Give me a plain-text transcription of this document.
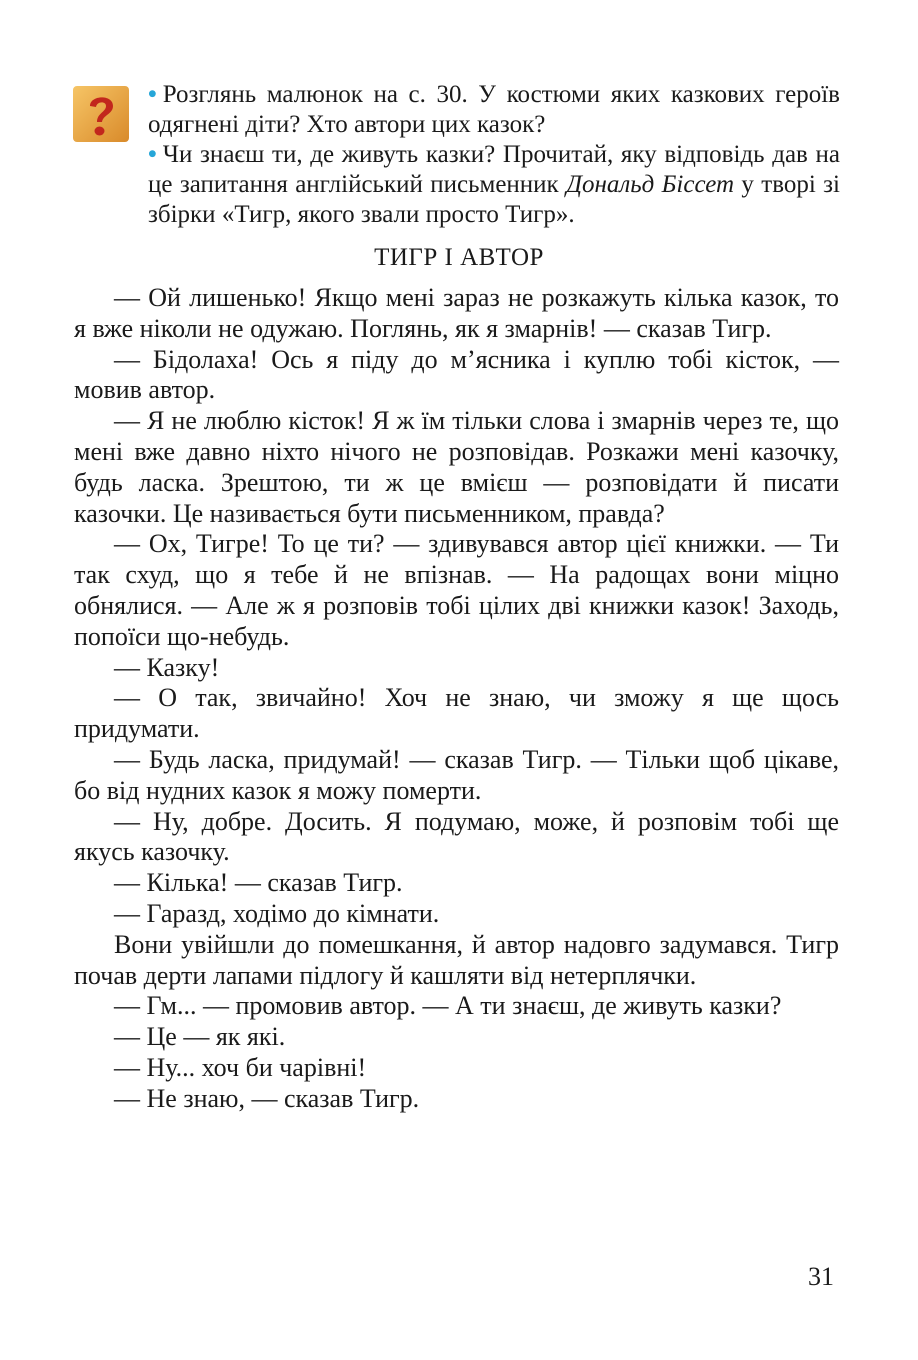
• Розглянь малюнок на с. 30. У костюми яких казкових героїв одягнені діти? Хто автори цих казок?

• Чи знаєш ти, де живуть казки? Прочитай, яку відповідь дав на це запитання англійський письменник Дональд Біссет у творі зі збірки «Тигр, якого звали просто Тигр».

ТИГР І АВТОР

— Ой лишенько! Якщо мені зараз не розкажуть кілька казок, то я вже ніколи не одужаю. Поглянь, як я змарнів! — сказав Тигр.

— Бідолаха! Ось я піду до м’ясника і куплю тобі кісток, — мовив автор.

— Я не люблю кісток! Я ж їм тільки слова і змарнів через те, що мені вже давно ніхто нічого не розповідав. Розкажи мені казочку, будь ласка. Зрештою, ти ж це вмієш — розповідати й писати казочки. Це називається бути письменником, правда?

— Ох, Тигре! То це ти? — здивувався автор цієї книжки. — Ти так схуд, що я тебе й не впізнав. — На радощах вони міцно обнялися. — Але ж я розповів тобі цілих дві книжки казок! Заходь, попоїси що-небудь.

— Казку!

— О так, звичайно! Хоч не знаю, чи зможу я ще щось придумати.

— Будь ласка, придумай! — сказав Тигр. — Тільки щоб цікаве, бо від нудних казок я можу померти.

— Ну, добре. Досить. Я подумаю, може, й розповім тобі ще якусь казочку.

— Кілька! — сказав Тигр.

— Гаразд, ходімо до кімнати.

Вони увійшли до помешкання, й автор надовго задумався. Тигр почав дерти лапами підлогу й кашляти від нетерплячки.

— Гм... — промовив автор. — А ти знаєш, де живуть казки?

— Це — як які.

— Ну... хоч би чарівні!

— Не знаю, — сказав Тигр.

31
